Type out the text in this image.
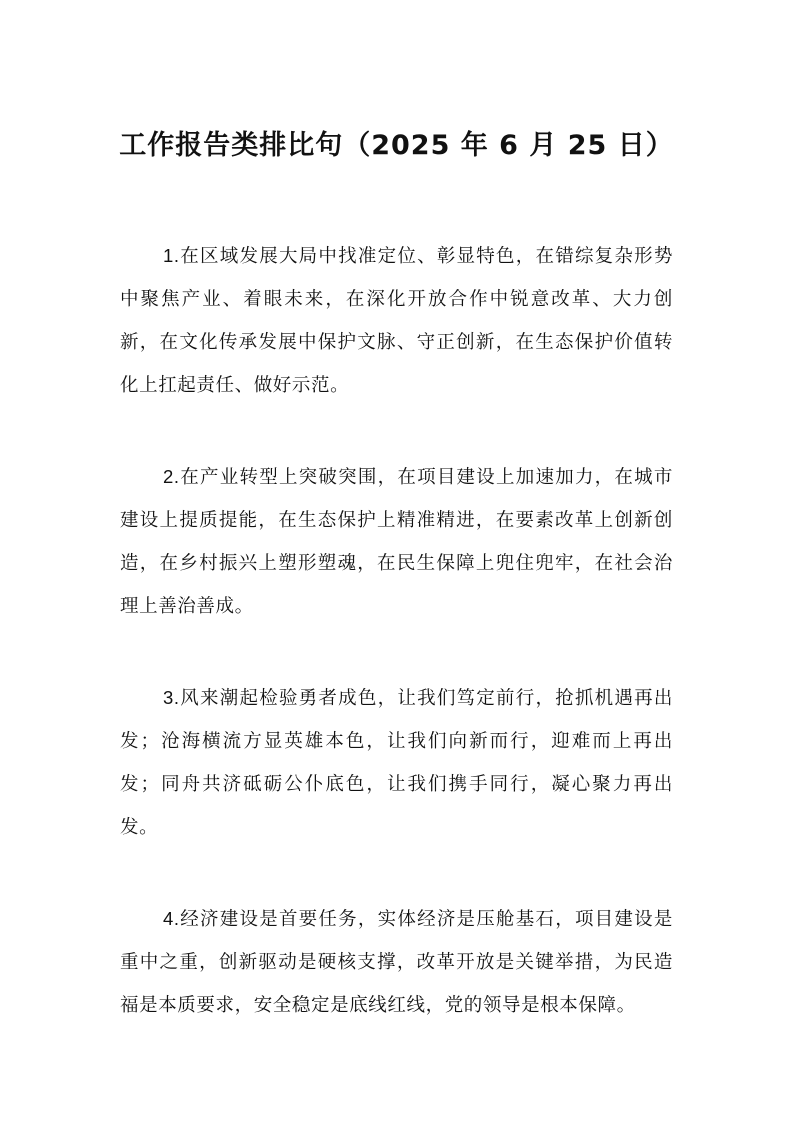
工作报告类排比句（2025 年 6 月 25 日）

1.在区域发展大局中找准定位、彰显特色，在错综复杂形势中聚焦产业、着眼未来，在深化开放合作中锐意改革、大力创新，在文化传承发展中保护文脉、守正创新，在生态保护价值转化上扛起责任、做好示范。

2.在产业转型上突破突围，在项目建设上加速加力，在城市建设上提质提能，在生态保护上精准精进，在要素改革上创新创造，在乡村振兴上塑形塑魂，在民生保障上兜住兜牢，在社会治理上善治善成。

3.风来潮起检验勇者成色，让我们笃定前行，抢抓机遇再出发；沧海横流方显英雄本色，让我们向新而行，迎难而上再出发；同舟共济砥砺公仆底色，让我们携手同行，凝心聚力再出发。

4.经济建设是首要任务，实体经济是压舱基石，项目建设是重中之重，创新驱动是硬核支撑，改革开放是关键举措，为民造福是本质要求，安全稳定是底线红线，党的领导是根本保障。
